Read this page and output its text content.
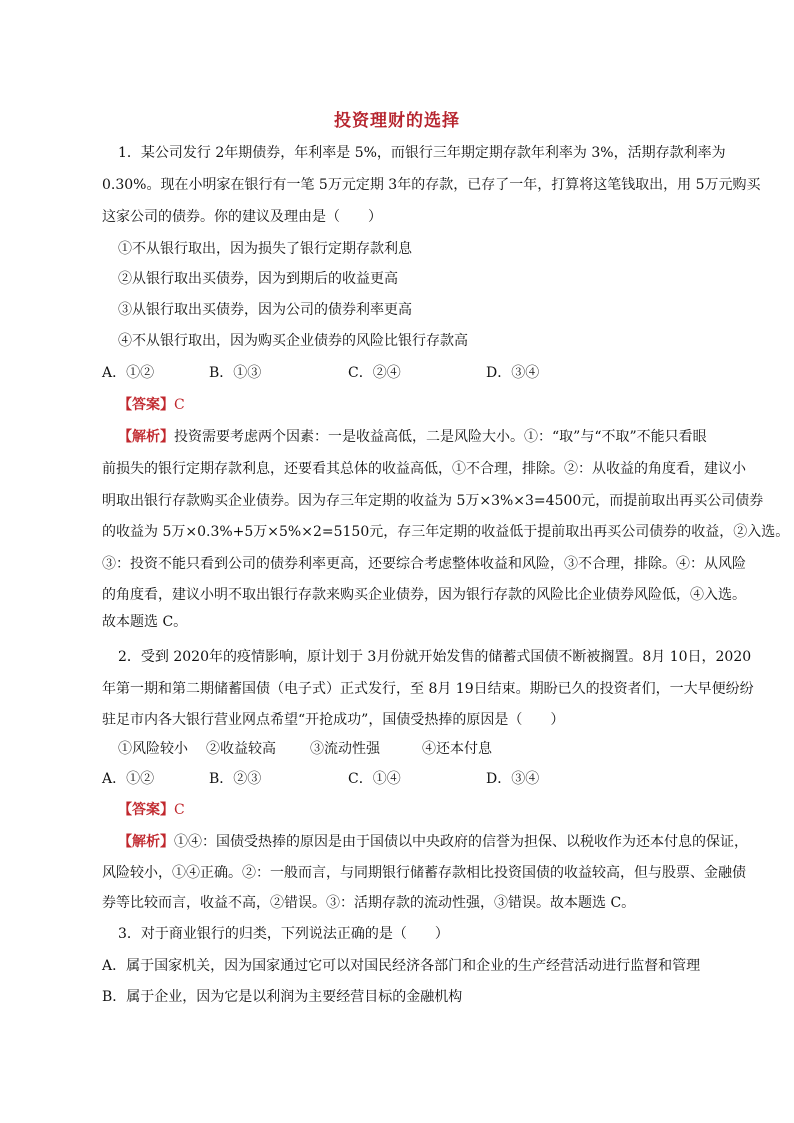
投资理财的选择
1．某公司发行 2年期债券，年利率是 5%，而银行三年期定期存款年利率为 3%，活期存款利率为
0.30%。现在小明家在银行有一笔 5万元定期 3年的存款，已存了一年，打算将这笔钱取出，用 5万元购买
这家公司的债券。你的建议及理由是（　　）
①不从银行取出，因为损失了银行定期存款利息
②从银行取出买债券，因为到期后的收益更高
③从银行取出买债券，因为公司的债券利率更高
④不从银行取出，因为购买企业债券的风险比银行存款高
A．①②	B．①③	C．②④	D．③④
【答案】C
【解析】投资需要考虑两个因素：一是收益高低，二是风险大小。①：“取”与“不取”不能只看眼
前损失的银行定期存款利息，还要看其总体的收益高低，①不合理，排除。②：从收益的角度看，建议小
明取出银行存款购买企业债券。因为存三年定期的收益为 5万×3%×3=4500元，而提前取出再买公司债券
的收益为 5万×0.3%+5万×5%×2=5150元，存三年定期的收益低于提前取出再买公司债券的收益，②入选。
③：投资不能只看到公司的债券利率更高，还要综合考虑整体收益和风险，③不合理，排除。④：从风险
的角度看，建议小明不取出银行存款来购买企业债券，因为银行存款的风险比企业债券风险低，④入选。
故本题选 C。
2．受到 2020年的疫情影响，原计划于 3月份就开始发售的储蓄式国债不断被搁置。8月 10日，2020
年第一期和第二期储蓄国债（电子式）正式发行，至 8月 19日结束。期盼已久的投资者们，一大早便纷纷
驻足市内各大银行营业网点希望“开抢成功”，国债受热捧的原因是（　　）
①风险较小 ②收益较高 ③流动性强	④还本付息
A．①②	B．②③	C．①④	D．③④
【答案】C
【解析】①④：国债受热捧的原因是由于国债以中央政府的信誉为担保、以税收作为还本付息的保证，
风险较小，①④正确。②：一般而言，与同期银行储蓄存款相比投资国债的收益较高，但与股票、金融债
券等比较而言，收益不高，②错误。③：活期存款的流动性强，③错误。故本题选 C。
3．对于商业银行的归类，下列说法正确的是（　　）
A．属于国家机关，因为国家通过它可以对国民经济各部门和企业的生产经营活动进行监督和管理
B．属于企业，因为它是以利润为主要经营目标的金融机构
